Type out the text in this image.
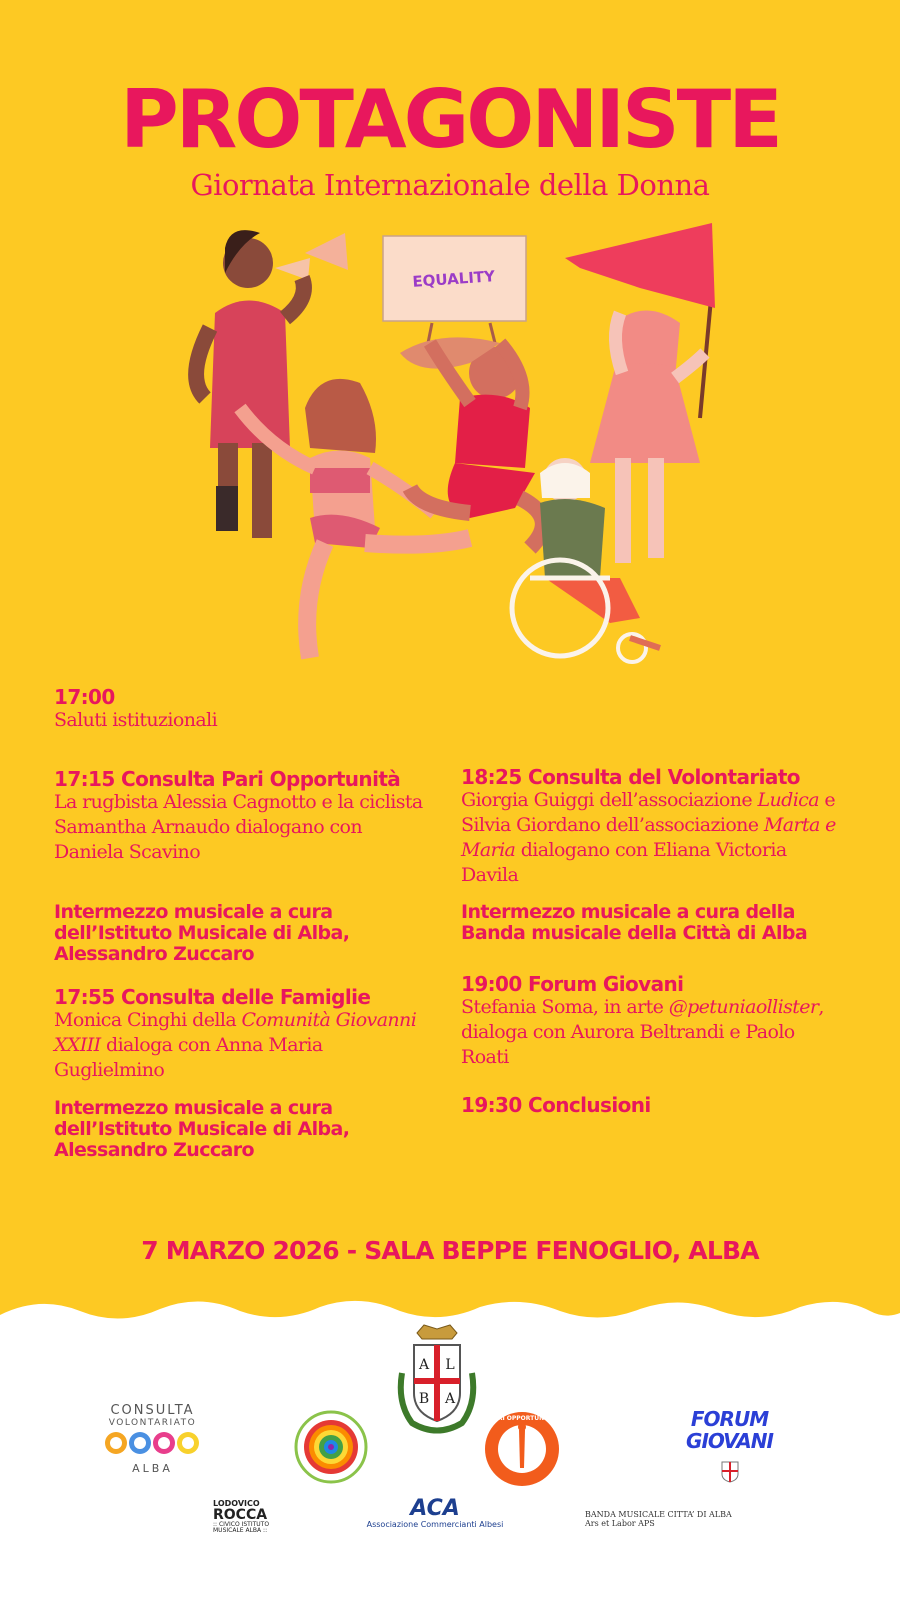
PROTAGONISTE
Giornata Internazionale della Donna
EQUALITY
17:00
Saluti istituzionali
17:15 Consulta Pari Opportunità
La rugbista Alessia Cagnotto e la ciclista
Samantha Arnaudo dialogano con
Daniela Scavino
Intermezzo musicale a cura
dell’Istituto Musicale di Alba,
Alessandro Zuccaro
17:55 Consulta delle Famiglie
Monica Cinghi della Comunità Giovanni
XXIII dialoga con Anna Maria
Guglielmino
Intermezzo musicale a cura
dell’Istituto Musicale di Alba,
Alessandro Zuccaro
18:25 Consulta del Volontariato
Giorgia Guiggi dell’associazione Ludica e
Silvia Giordano dell’associazione Marta e
Maria dialogano con Eliana Victoria
Davila
Intermezzo musicale a cura della
Banda musicale della Città di Alba
19:00 Forum Giovani
Stefania Soma, in arte @petuniaollister,
dialoga con Aurora Beltrandi e Paolo
Roati
19:30 Conclusioni
7 MARZO 2026 - SALA BEPPE FENOGLIO, ALBA
A L
B A
CONSULTA
VOLONTARIATO
ALBA
PARI OPPORTUNITÀ	FORUM
GIOVANI
LODOVICO
ROCCA
:: CIVICO ISTITUTO
MUSICALE ALBA ::
ACA
Associazione Commercianti Albesi
BANDA MUSICALE CITTA’ DI ALBA
Ars et Labor APS
